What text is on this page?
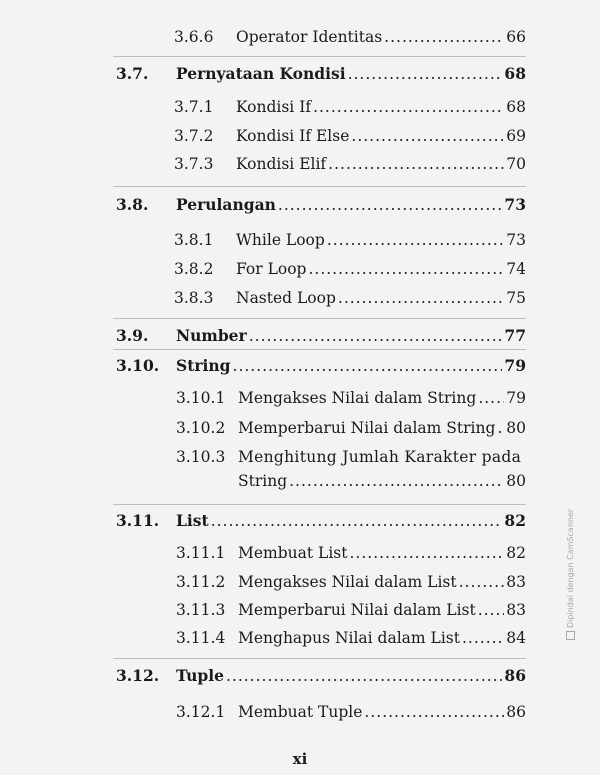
3.6.6 Operator Identitas .....	66
3.7. Pernyataan Kondisi .....	68
3.7.1 Kondisi If .....	68
3.7.2 Kondisi If Else .....	69
3.7.3 Kondisi Elif .....	70
3.8. Perulangan .....	73
3.8.1 While Loop .....	73
3.8.2 For Loop .....	74
3.8.3 Nasted Loop .....	75
3.9. Number .....	77
3.10. String .....	79
3.10.1 Mengakses Nilai dalam String ..... 79
3.10.2 Memperbarui Nilai dalam String ..... 80
3.10.3 Menghitung Jumlah Karakter pada
String .....	80
3.11. List .....	82
3.11.1 Membuat List .....	82
3.11.2 Mengakses Nilai dalam List .....	83
3.11.3 Memperbarui Nilai dalam List ..... 83
3.11.4 Menghapus Nilai dalam List .....	84
3.12. Tuple .....	86
3.12.1 Membuat Tuple .....	86
xi
Dipindai dengan CamScanner
